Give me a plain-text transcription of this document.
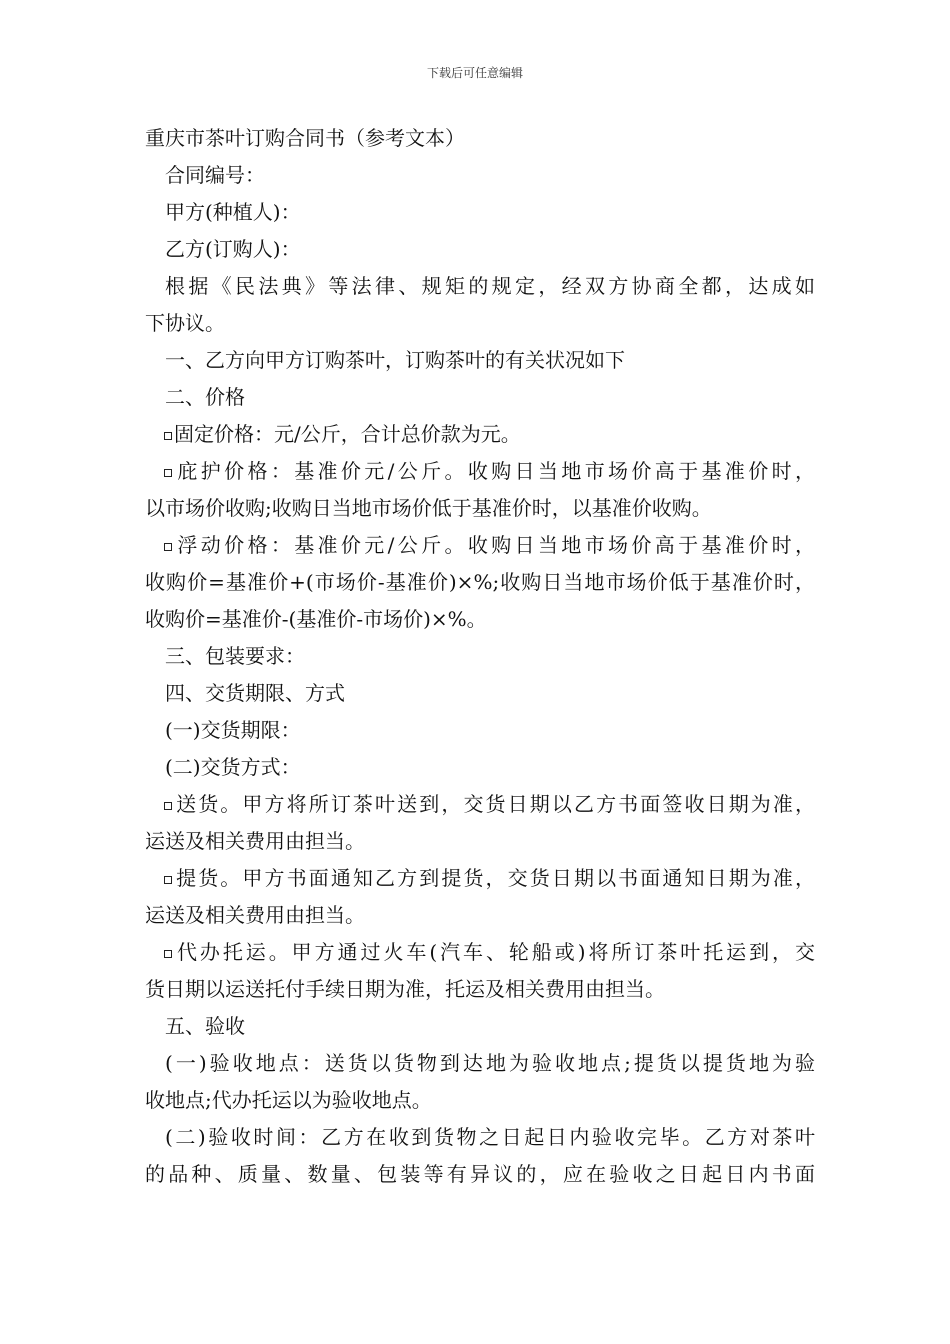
下载后可任意编辑

重庆市茶叶订购合同书（参考文本）

合同编号：

甲方(种植人)：

乙方(订购人)：

根据《民法典》等法律、规矩的规定，经双方协商全都，达成如

下协议。

一、乙方向甲方订购茶叶，订购茶叶的有关状况如下

二、价格

固定价格：元/公斤，合计总价款为元。

庇护价格：基准价元/公斤。收购日当地市场价高于基准价时，

以市场价收购;收购日当地市场价低于基准价时，以基准价收购。

浮动价格：基准价元/公斤。收购日当地市场价高于基准价时，

收购价=基准价+(市场价-基准价)×%;收购日当地市场价低于基准价时，

收购价=基准价-(基准价-市场价)×%。

三、包装要求：

四、交货期限、方式

(一)交货期限：

(二)交货方式：

送货。甲方将所订茶叶送到，交货日期以乙方书面签收日期为准，

运送及相关费用由担当。

提货。甲方书面通知乙方到提货，交货日期以书面通知日期为准，

运送及相关费用由担当。

代办托运。甲方通过火车(汽车、轮船或)将所订茶叶托运到，交

货日期以运送托付手续日期为准，托运及相关费用由担当。

五、验收

(一)验收地点：送货以货物到达地为验收地点;提货以提货地为验

收地点;代办托运以为验收地点。

(二)验收时间：乙方在收到货物之日起日内验收完毕。乙方对茶叶

的品种、质量、数量、包装等有异议的，应在验收之日起日内书面
